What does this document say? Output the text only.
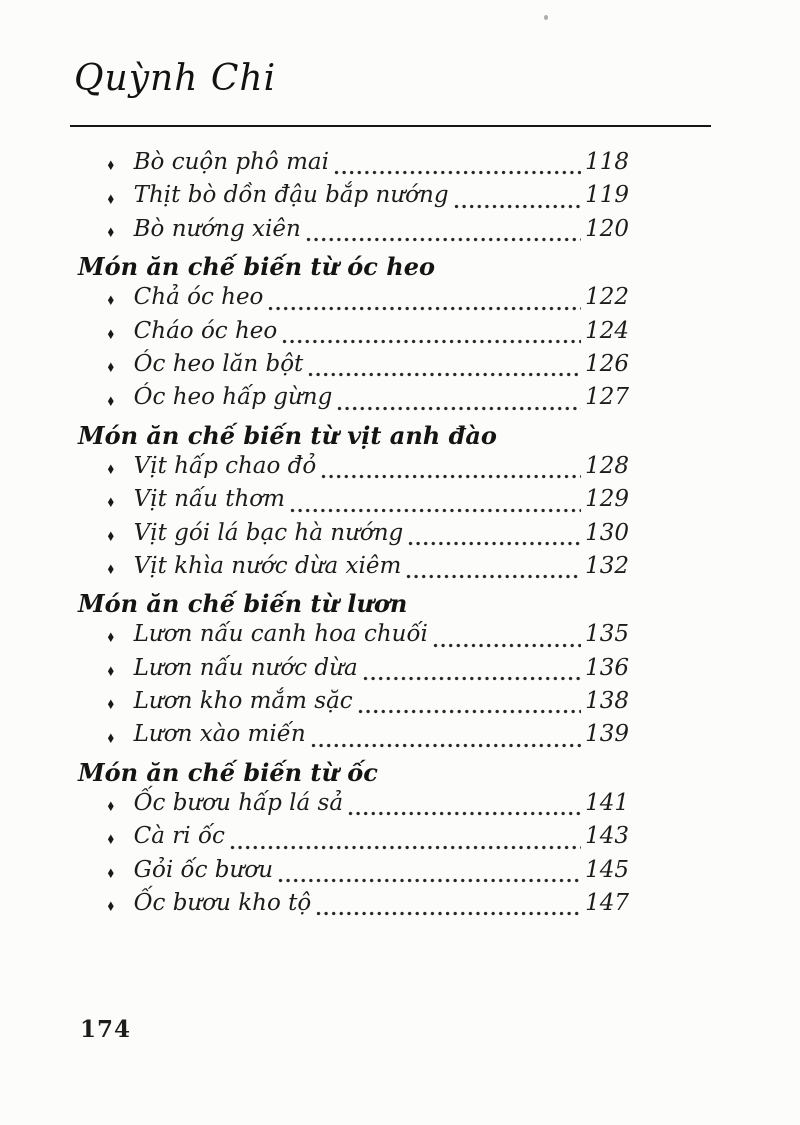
Quỳnh Chi
♦ Bò cuộn phô mai	118
♦ Thịt bò dồn đậu bắp nướng	119
♦ Bò nướng xiên	120
Món ăn chế biến từ óc heo
♦ Chả óc heo	122
♦ Cháo óc heo	124
♦ Óc heo lăn bột	126
♦ Óc heo hấp gừng	127
Món ăn chế biến từ vịt anh đào
♦ Vịt hấp chao đỏ	128
♦ Vịt nấu thơm	129
♦ Vịt gói lá bạc hà nướng	130
♦ Vịt khìa nước dừa xiêm	132
Món ăn chế biến từ lươn
♦ Lươn nấu canh hoa chuối	135
♦ Lươn nấu nước dừa	136
♦ Lươn kho mắm sặc	138
♦ Lươn xào miến	139
Món ăn chế biến từ ốc
♦ Ốc bươu hấp lá sả	141
♦ Cà ri ốc	143
♦ Gỏi ốc bươu	145
♦ Ốc bươu kho tộ	147
174
